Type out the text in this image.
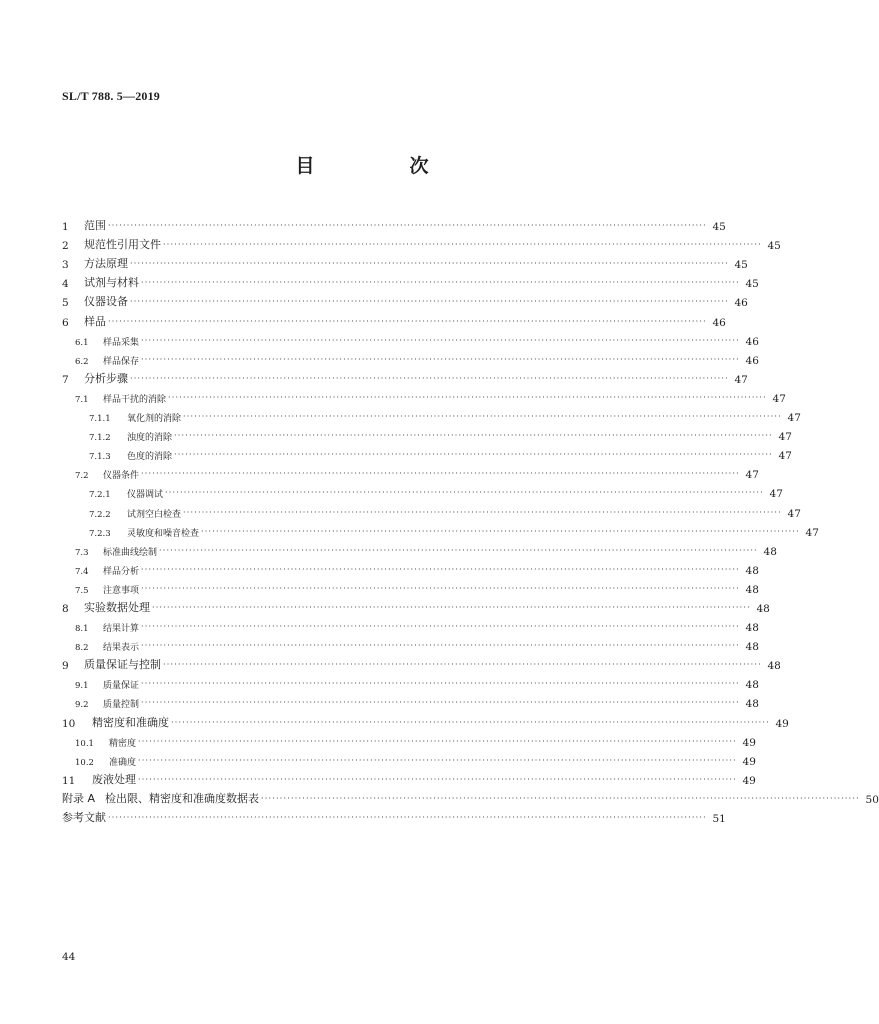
SL/T 788. 5—2019
目　次
1	范围 ································································································································································ 45
2	规范性引用文件 ································································································································································ 45
3	方法原理 ································································································································································ 45
4	试剂与材料 ································································································································································ 45
5	仪器设备 ································································································································································ 46
6	样品 ································································································································································ 46
6.1	样品采集 ································································································································································ 46
6.2	样品保存 ································································································································································ 46
7	分析步骤 ································································································································································ 47
7.1	样品干扰的消除 ································································································································································ 47
7.1.1	氧化剂的消除 ································································································································································ 47
7.1.2	浊度的消除 ································································································································································ 47
7.1.3	色度的消除 ································································································································································ 47
7.2	仪器条件 ································································································································································ 47
7.2.1	仪器调试 ································································································································································ 47
7.2.2	试剂空白检查 ································································································································································ 47
7.2.3	灵敏度和噪音检查 ································································································································································ 47
7.3	标准曲线绘制 ································································································································································ 48
7.4	样品分析 ································································································································································ 48
7.5	注意事项 ································································································································································ 48
8	实验数据处理 ································································································································································ 48
8.1	结果计算 ································································································································································ 48
8.2	结果表示 ································································································································································ 48
9	质量保证与控制 ································································································································································ 48
9.1	质量保证 ································································································································································ 48
9.2	质量控制 ································································································································································ 48
10	精密度和准确度 ································································································································································ 49
10.1	精密度 ································································································································································ 49
10.2	准确度 ································································································································································ 49
11	废液处理 ································································································································································ 49
附录 A 检出限、精密度和准确度数据表 ································································································································································ 50
参考文献 ································································································································································ 51
44
